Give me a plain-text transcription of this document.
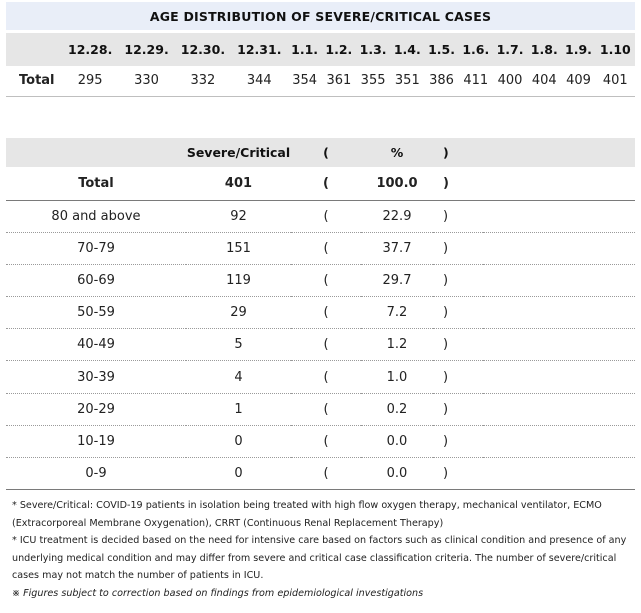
AGE DISTRIBUTION OF SEVERE/CRITICAL CASES
	12.28.	12.29.	12.30.	12.31.	1.1.	1.2.	1.3.	1.4.	1.5.	1.6.	1.7.	1.8.	1.9.	1.10
Total	295	330	332	344	354	361	355	351	386	411	400	404	409	401
	Severe/Critical	(	%	)	
Total	401	(	100.0	)	
80 and above	92	(	22.9	)	
70-79	151	(	37.7	)	
60-69	119	(	29.7	)	
50-59	29	(	7.2	)	
40-49	5	(	1.2	)	
30-39	4	(	1.0	)	
20-29	1	(	0.2	)	
10-19	0	(	0.0	)	
0-9	0	(	0.0	)	

* Severe/Critical: COVID-19 patients in isolation being treated with high flow oxygen therapy, mechanical ventilator, ECMO (Extracorporeal Membrane Oxygenation), CRRT (Continuous Renal Replacement Therapy)

* ICU treatment is decided based on the need for intensive care based on factors such as clinical condition and presence of any underlying medical condition and may differ from severe and critical case classification criteria. The number of severe/critical cases may not match the number of patients in ICU.

※ Figures subject to correction based on findings from epidemiological investigations
